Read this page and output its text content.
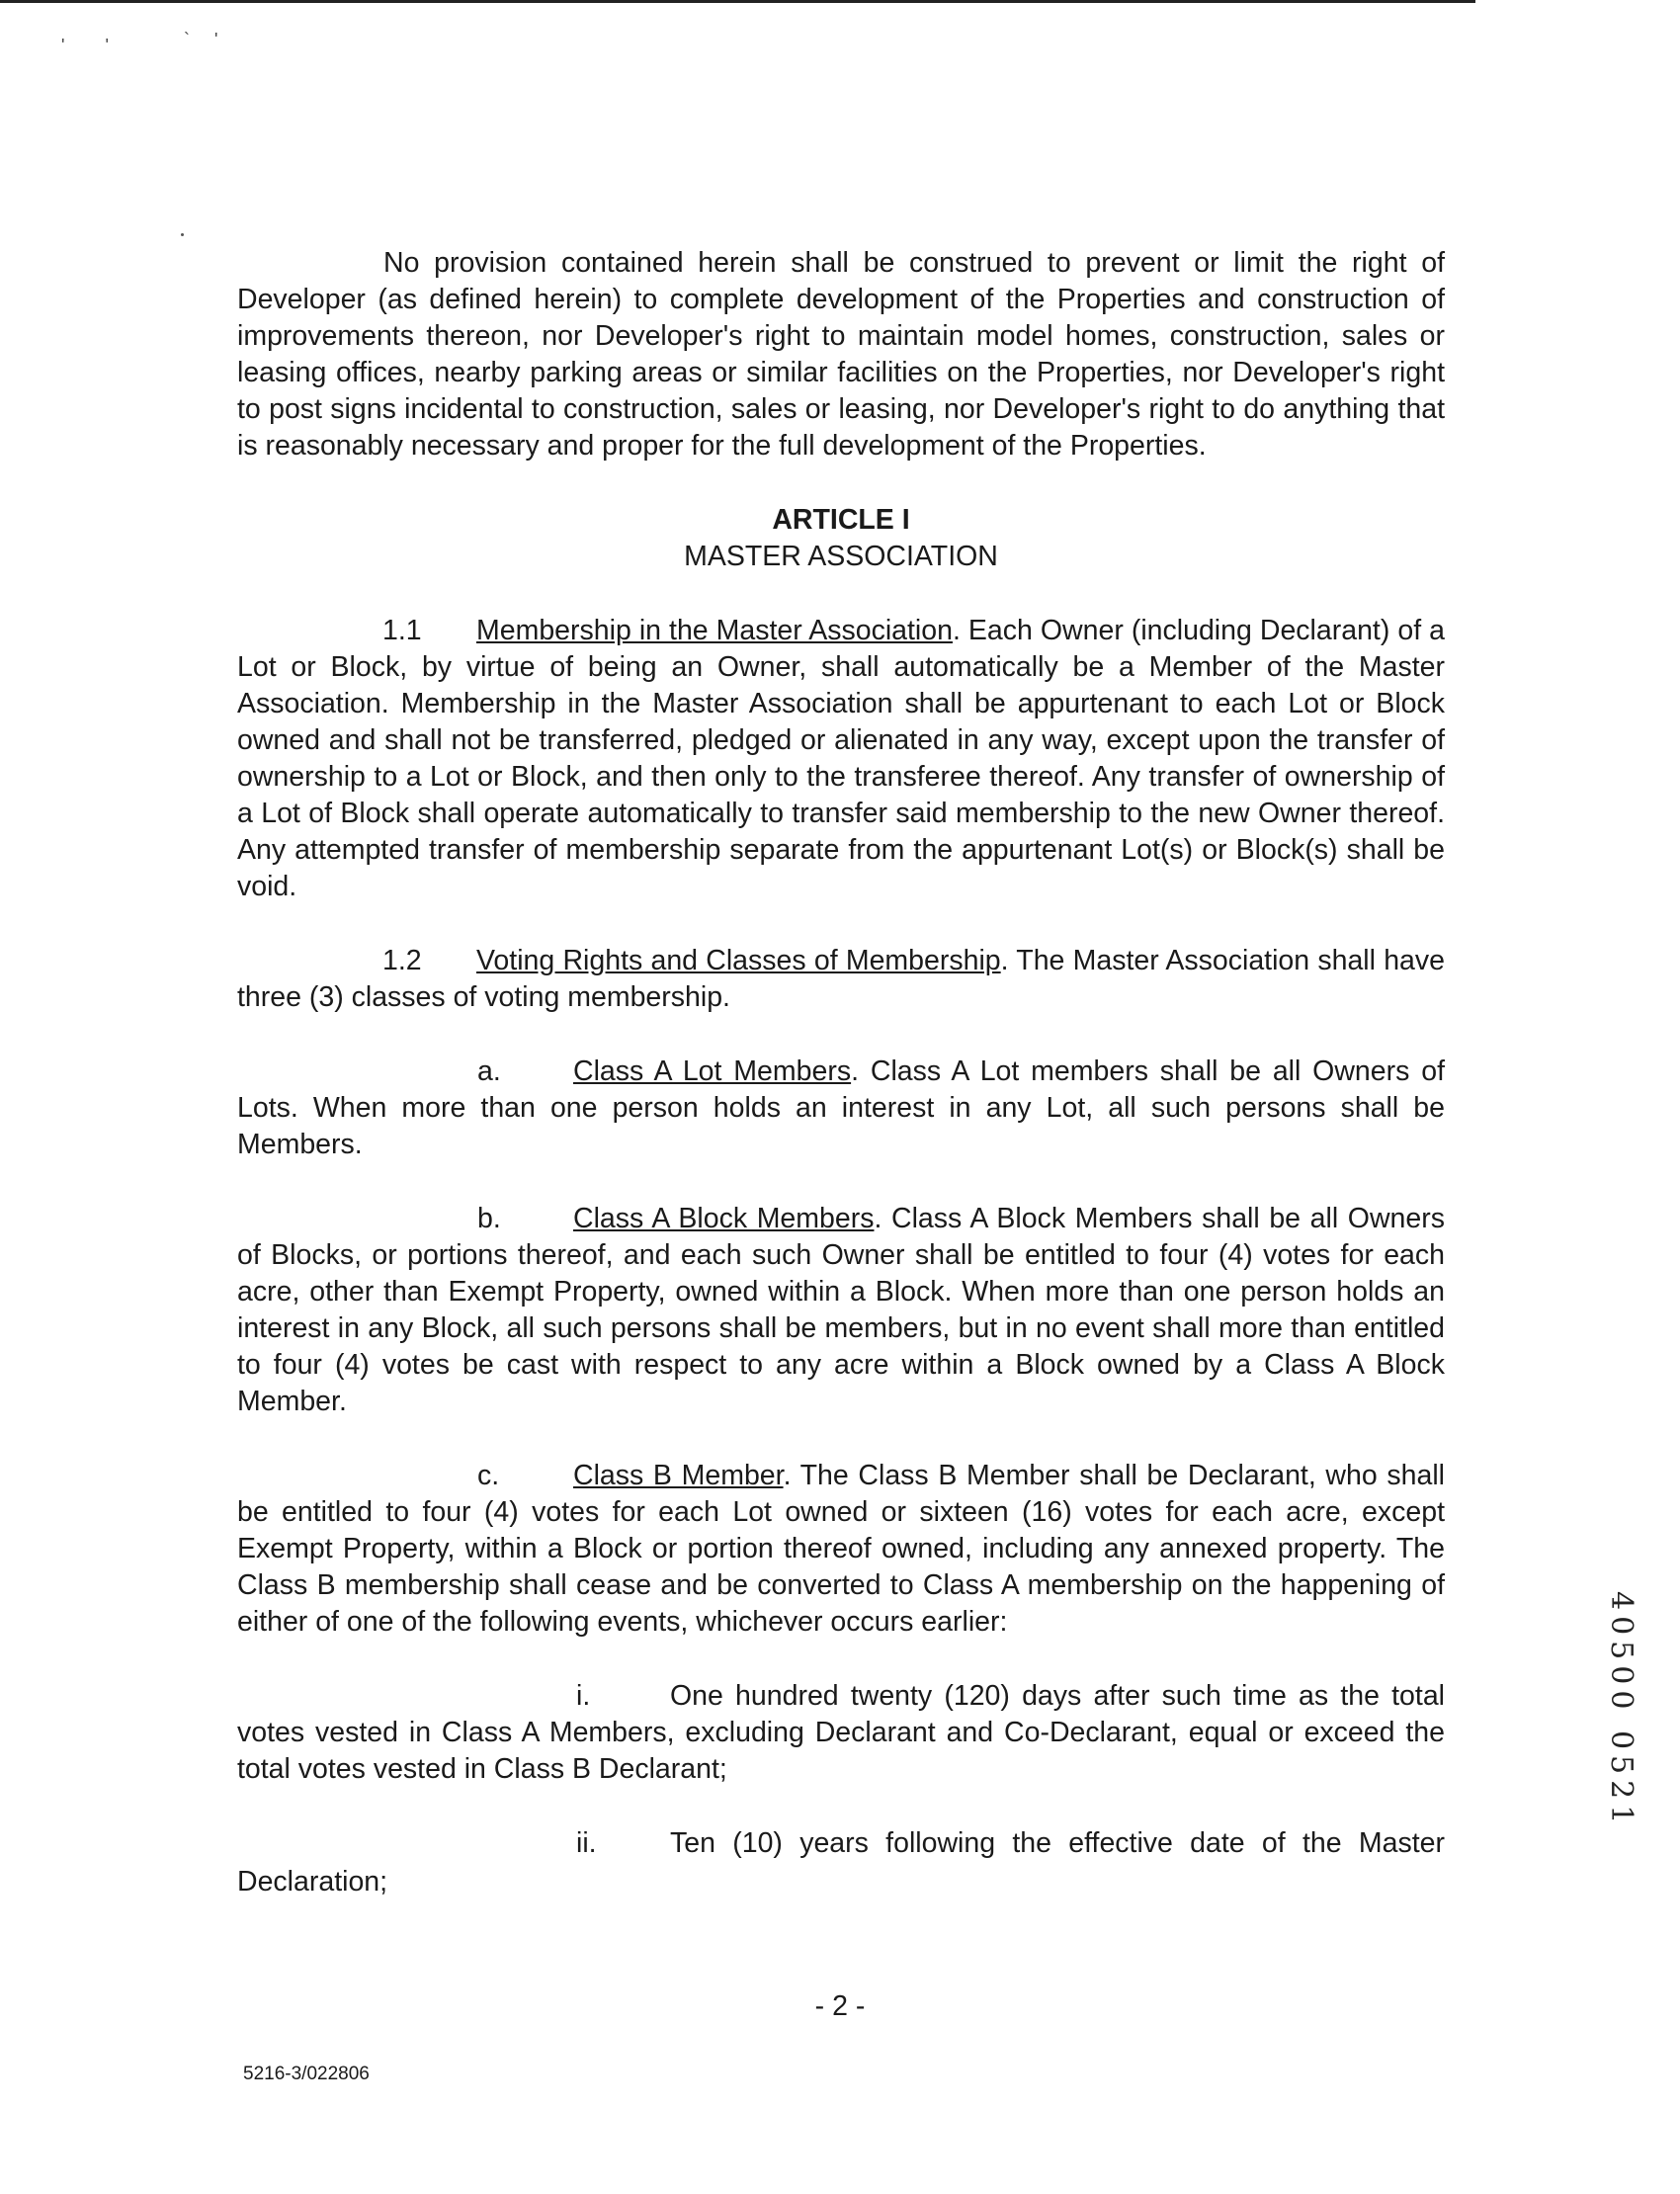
' '	` '

No provision contained herein shall be construed to prevent or limit the right of Developer (as defined herein) to complete development of the Properties and construction of improvements thereon, nor Developer's right to maintain model homes, construction, sales or leasing offices, nearby parking areas or similar facilities on the Properties, nor Developer's right to post signs incidental to construction, sales or leasing, nor Developer's right to do anything that is reasonably necessary and proper for the full development of the Properties.

ARTICLE I
MASTER ASSOCIATION

1.1 Membership in the Master Association. Each Owner (including Declarant) of a Lot or Block, by virtue of being an Owner, shall automatically be a Member of the Master Association. Membership in the Master Association shall be appurtenant to each Lot or Block owned and shall not be transferred, pledged or alienated in any way, except upon the transfer of ownership to a Lot or Block, and then only to the transferee thereof. Any transfer of ownership of a Lot of Block shall operate automatically to transfer said membership to the new Owner thereof. Any attempted transfer of membership separate from the appurtenant Lot(s) or Block(s) shall be void.

1.2 Voting Rights and Classes of Membership. The Master Association shall have three (3) classes of voting membership.

a.	Class A Lot Members. Class A Lot members shall be all Owners of Lots. When more than one person holds an interest in any Lot, all such persons shall be Members.

b.	Class A Block Members. Class A Block Members shall be all Owners of Blocks, or portions thereof, and each such Owner shall be entitled to four (4) votes for each acre, other than Exempt Property, owned within a Block. When more than one person holds an interest in any Block, all such persons shall be members, but in no event shall more than entitled to four (4) votes be cast with respect to any acre within a Block owned by a Class A Block Member.

c.	Class B Member. The Class B Member shall be Declarant, who shall be entitled to four (4) votes for each Lot owned or sixteen (16) votes for each acre, except Exempt Property, within a Block or portion thereof owned, including any annexed property. The Class B membership shall cease and be converted to Class A membership on the happening of either of one of the following events, whichever occurs earlier:

i.	One hundred twenty (120) days after such time as the total votes vested in Class A Members, excluding Declarant and Co-Declarant, equal or exceed the total votes vested in Class B Declarant;

ii.	Ten (10) years following the effective date of the Master

Declaration;
- 2 -
5216-3/022806
40500 0521
